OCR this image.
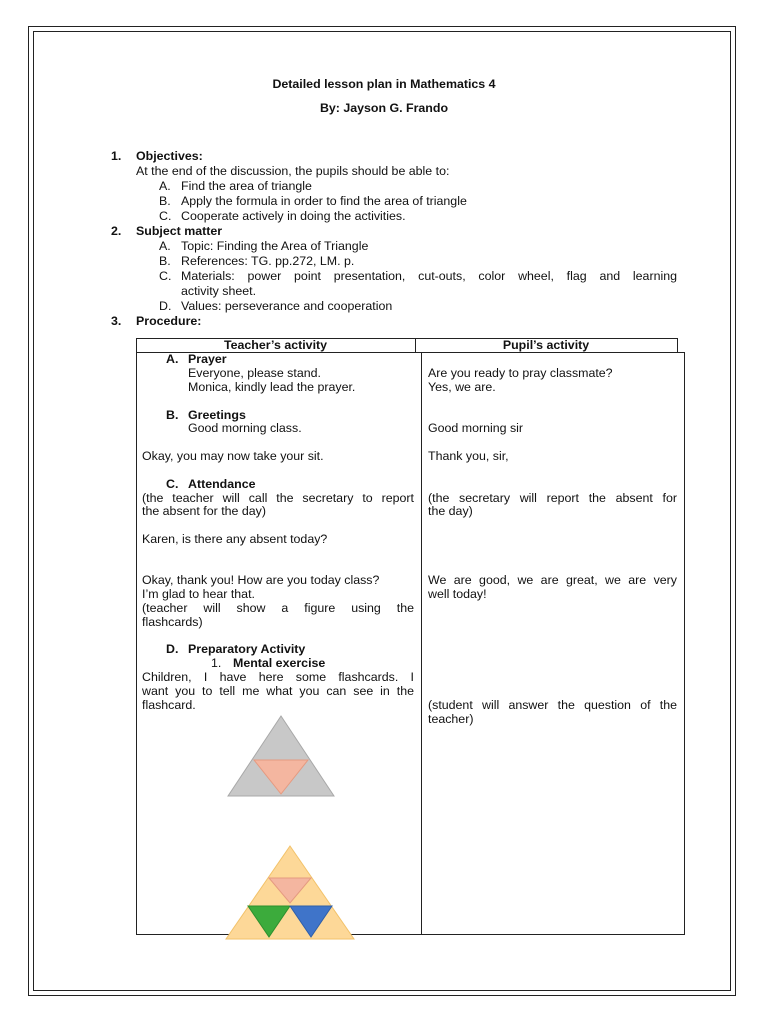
Detailed lesson plan in Mathematics 4
By: Jayson G. Frando
1. Objectives:
At the end of the discussion, the pupils should be able to:
A. Find the area of triangle
B. Apply the formula in order to find the area of triangle
C. Cooperate actively in doing the activities.
2. Subject matter
A. Topic: Finding the Area of Triangle
B. References: TG. pp.272, LM. p.
C. Materials: power point presentation, cut-outs, color wheel, flag and learning
activity sheet.
D. Values: perseverance and cooperation
3. Procedure:
Teacher’s activity	Pupil’s activity
A. Prayer
Everyone, please stand.
Monica, kindly lead the prayer.
B. Greetings
Good morning class.
Okay, you may now take your sit.
C. Attendance
(the teacher will call the secretary to report
the absent for the day)
Karen, is there any absent today?
Okay, thank you! How are you today class?
I’m glad to hear that.
(teacher will show a figure using the
flashcards)
D. Preparatory Activity
1. Mental exercise
Children, I have here some flashcards. I
want you to tell me what you can see in the
flashcard.
Are you ready to pray classmate?
Yes, we are.
Good morning sir
Thank you, sir,
(the secretary will report the absent for
the day)
We are good, we are great, we are very
well today!
(student will answer the question of the
teacher)
